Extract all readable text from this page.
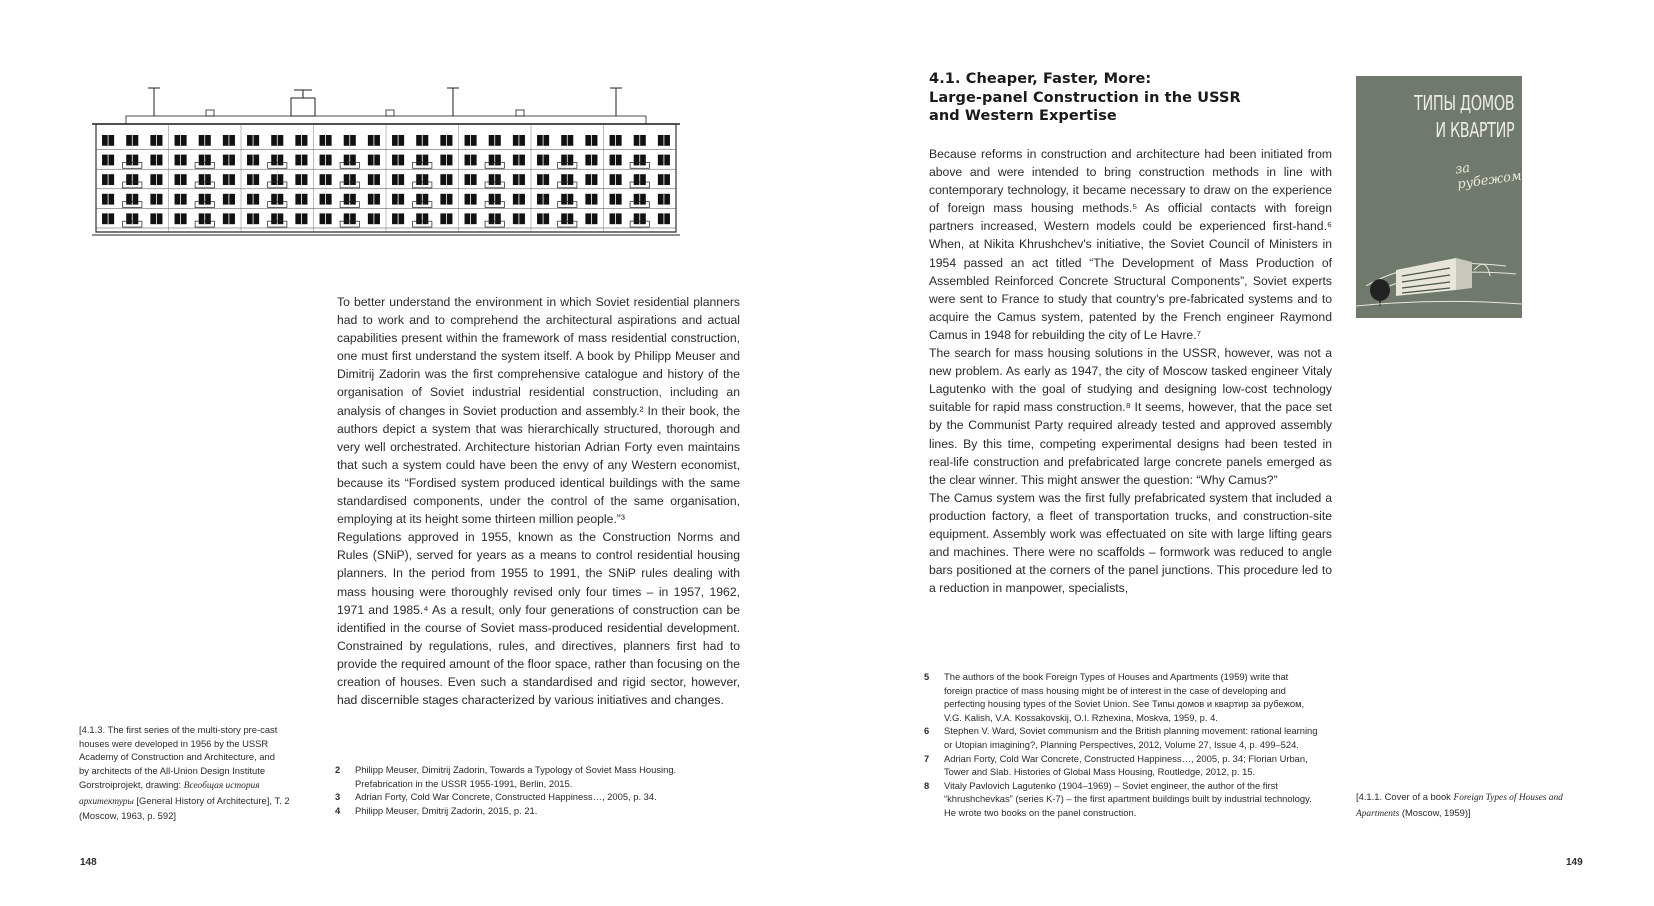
To better understand the environment in which Soviet residential planners had to work and to comprehend the architectural aspirations and actual capabilities present within the framework of mass residential construction, one must first understand the system itself. A book by Philipp Meuser and Dimitrij Zadorin was the first comprehensive catalogue and history of the organisation of Soviet industrial residential construction, including an analysis of changes in Soviet production and assembly.² In their book, the authors depict a system that was hierarchically structured, thorough and very well orchestrated. Architecture historian Adrian Forty even maintains that such a system could have been the envy of any Western economist, because its “Fordised system produced identical buildings with the same standardised components, under the control of the same organisation, employing at its height some thirteen million people.”³

Regulations approved in 1955, known as the Construction Norms and Rules (SNiP), served for years as a means to control residential housing planners. In the period from 1955 to 1991, the SNiP rules dealing with mass housing were thoroughly revised only four times – in 1957, 1962, 1971 and 1985.⁴ As a result, only four generations of construction can be identified in the course of Soviet mass-produced residential development. Constrained by regulations, rules, and directives, planners first had to provide the required amount of the floor space, rather than focusing on the creation of houses. Even such a standardised and rigid sector, however, had discernible stages characterized by various initiatives and changes.

[4.1.3. The first series of the multi-story pre-cast

houses were developed in 1956 by the USSR

Academy of Construction and Architecture, and

by architects of the All-Union Design Institute

Gorstroiprojekt, drawing: Всеобщая история

архитектуры [General History of Architecture], T. 2

(Moscow, 1963, p. 592]

2	Philipp Meuser, Dimitrij Zadorin, Towards a Typology of Soviet Mass Housing.

Prefabrication in the USSR 1955-1991, Berlin, 2015.

3	Adrian Forty, Cold War Concrete, Constructed Happiness…, 2005, p. 34.

4	Philipp Meuser, Dmitrij Zadorin, 2015, p. 21.

148
4.1. Cheaper, Faster, More:
Large-panel Construction in the USSR
and Western Expertise

Because reforms in construction and architecture had been initiated from above and were intended to bring construction methods in line with contemporary technology, it became necessary to draw on the experience of foreign mass housing methods.⁵ As official contacts with foreign partners increased, Western models could be experienced first-hand.⁶ When, at Nikita Khrushchev's initiative, the Soviet Council of Ministers in 1954 passed an act titled “The Development of Mass Production of Assembled Reinforced Concrete Structural Components”, Soviet experts were sent to France to study that country's pre-fabricated systems and to acquire the Camus system, patented by the French engineer Raymond Camus in 1948 for rebuilding the city of Le Havre.⁷

The search for mass housing solutions in the USSR, however, was not a new problem. As early as 1947, the city of Moscow tasked engineer Vitaly Lagutenko with the goal of studying and designing low-cost technology suitable for rapid mass construction.⁸ It seems, however, that the pace set by the Communist Party required already tested and approved assembly lines. By this time, competing experimental designs had been tested in real-life construction and prefabricated large concrete panels emerged as the clear winner. This might answer the question: “Why Camus?”

The Camus system was the first fully prefabricated system that included a production factory, a fleet of transportation trucks, and construction-site equipment. Assembly work was effectuated on site with large lifting gears and machines. There were no scaffolds – formwork was reduced to angle bars positioned at the corners of the panel junctions. This procedure led to a reduction in manpower, specialists,

ТИПЫ ДОМОВ
И КВАРТИР
за рубежом
5	The authors of the book Foreign Types of Houses and Apartments (1959) write that

foreign practice of mass housing might be of interest in the case of developing and

perfecting housing types of the Soviet Union. See Типы домов и квартир за рубежом,

V.G. Kalish, V.A. Kossakovskij, O.I. Rzhexina, Moskva, 1959, p. 4.

6	Stephen V. Ward, Soviet communism and the British planning movement: rational learning

or Utopian imagining?, Planning Perspectives, 2012, Volume 27, Issue 4, p. 499–524.

7	Adrian Forty, Cold War Concrete, Constructed Happiness…, 2005, p. 34; Florian Urban,

Tower and Slab. Histories of Global Mass Housing, Routledge, 2012, p. 15.

8	Vitaly Pavlovich Lagutenko (1904–1969) – Soviet engineer, the author of the first

“khrushchevkas” (series K-7) – the first apartment buildings built by industrial technology.

He wrote two books on the panel construction.

[4.1.1. Cover of a book Foreign Types of Houses and

Apartments (Moscow, 1959)]

149
